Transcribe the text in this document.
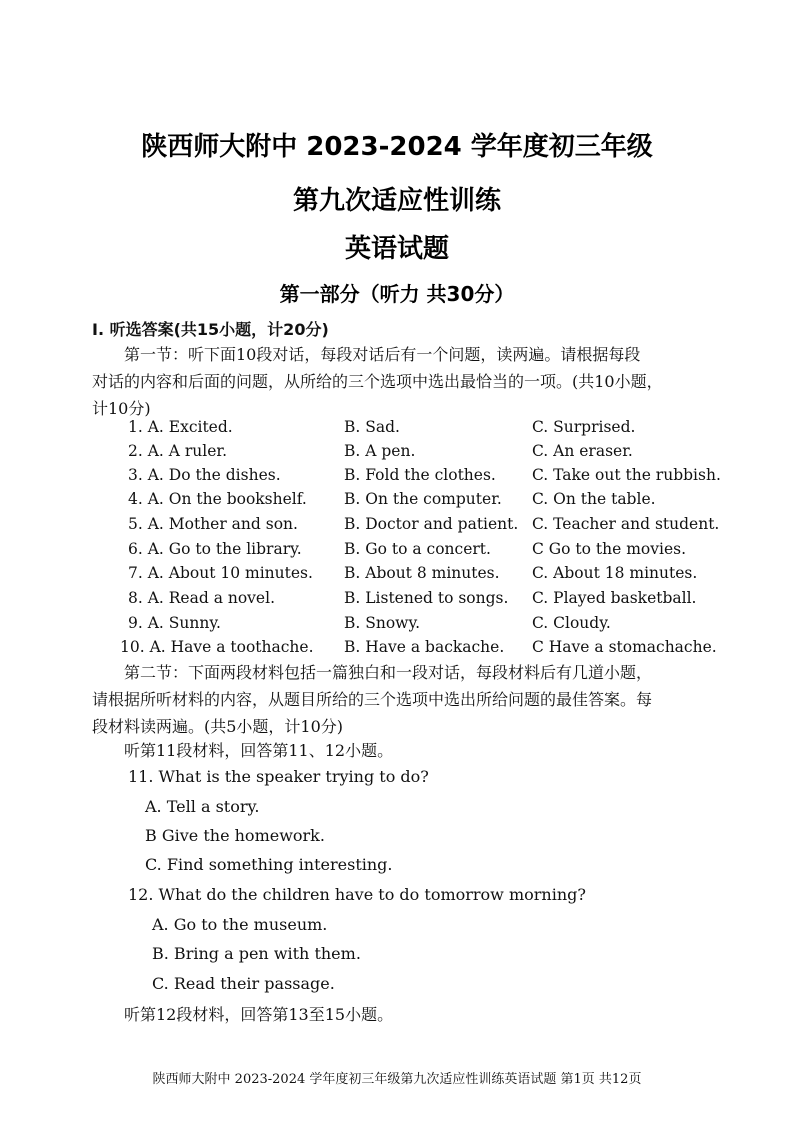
陕西师大附中 2023-2024 学年度初三年级
第九次适应性训练
英语试题
第一部分（听力 共30分）
I. 听选答案(共15小题，计20分)
第一节：听下面10段对话，每段对话后有一个问题，读两遍。请根据每段
对话的内容和后面的问题，从所给的三个选项中选出最恰当的一项。(共10小题，
计10分)
1. A. Excited.	B. Sad.	C. Surprised.
2. A. A ruler.	B. A pen.	C. An eraser.
3. A. Do the dishes.	B. Fold the clothes. C. Take out the rubbish.
4. A. On the bookshelf. B. On the computer. C. On the table.
5. A. Mother and son.	B. Doctor and patient. C. Teacher and student.
6. A. Go to the library.	B. Go to a concert.	C Go to the movies.
7. A. About 10 minutes. B. About 8 minutes. C. About 18 minutes.
8. A. Read a novel.	B. Listened to songs. C. Played basketball.
9. A. Sunny.	B. Snowy.	C. Cloudy.
10. A. Have a toothache. B. Have a backache. C Have a stomachache.
第二节：下面两段材料包括一篇独白和一段对话，每段材料后有几道小题，
请根据所听材料的内容，从题目所给的三个选项中选出所给问题的最佳答案。每
段材料读两遍。(共5小题，计10分)
听第11段材料，回答第11、12小题。
11. What is the speaker trying to do?
A. Tell a story.
B Give the homework.
C. Find something interesting.
12. What do the children have to do tomorrow morning?
A. Go to the museum.
B. Bring a pen with them.
C. Read their passage.
听第12段材料，回答第13至15小题。
陕西师大附中 2023-2024 学年度初三年级第九次适应性训练英语试题 第1页 共12页
